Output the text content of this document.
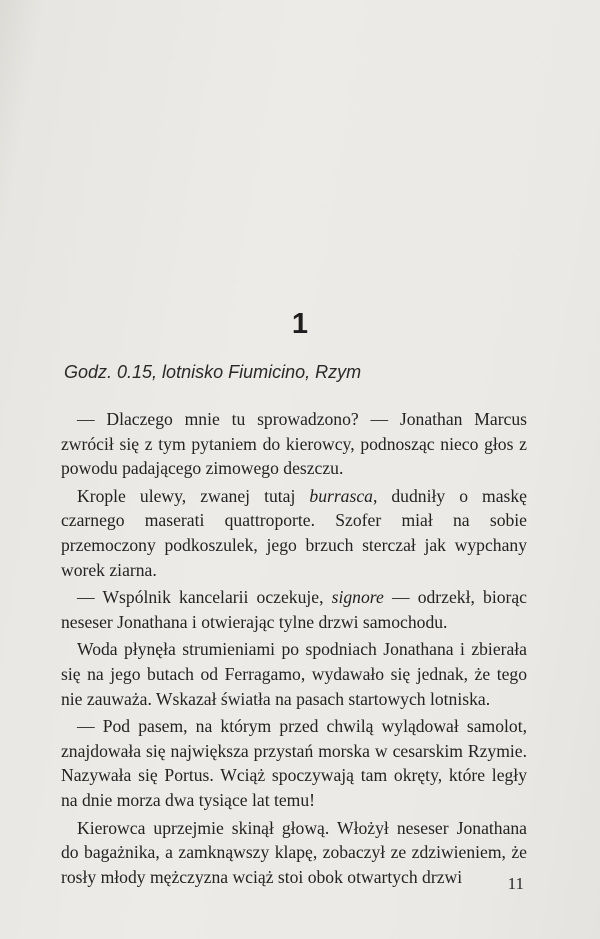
1
Godz. 0.15, lotnisko Fiumicino, Rzym

— Dlaczego mnie tu sprowadzono? — Jonathan Marcus zwrócił się z tym pytaniem do kierowcy, podnosząc nieco głos z powodu padającego zimowego deszczu.

Krople ulewy, zwanej tutaj burrasca, dudniły o maskę czarnego maserati quattroporte. Szofer miał na sobie przemoczony podkoszulek, jego brzuch sterczał jak wypchany worek ziarna.

— Wspólnik kancelarii oczekuje, signore — odrzekł, biorąc neseser Jonathana i otwierając tylne drzwi samochodu.

Woda płynęła strumieniami po spodniach Jonathana i zbierała się na jego butach od Ferragamo, wydawało się jednak, że tego nie zauważa. Wskazał światła na pasach startowych lotniska.

— Pod pasem, na którym przed chwilą wylądował samolot, znajdowała się największa przystań morska w cesarskim Rzymie. Nazywała się Portus. Wciąż spoczywają tam okręty, które legły na dnie morza dwa tysiące lat temu!

Kierowca uprzejmie skinął głową. Włożył neseser Jonathana do bagażnika, a zamknąwszy klapę, zobaczył ze zdziwieniem, że rosły młody mężczyzna wciąż stoi obok otwartych drzwi	11
